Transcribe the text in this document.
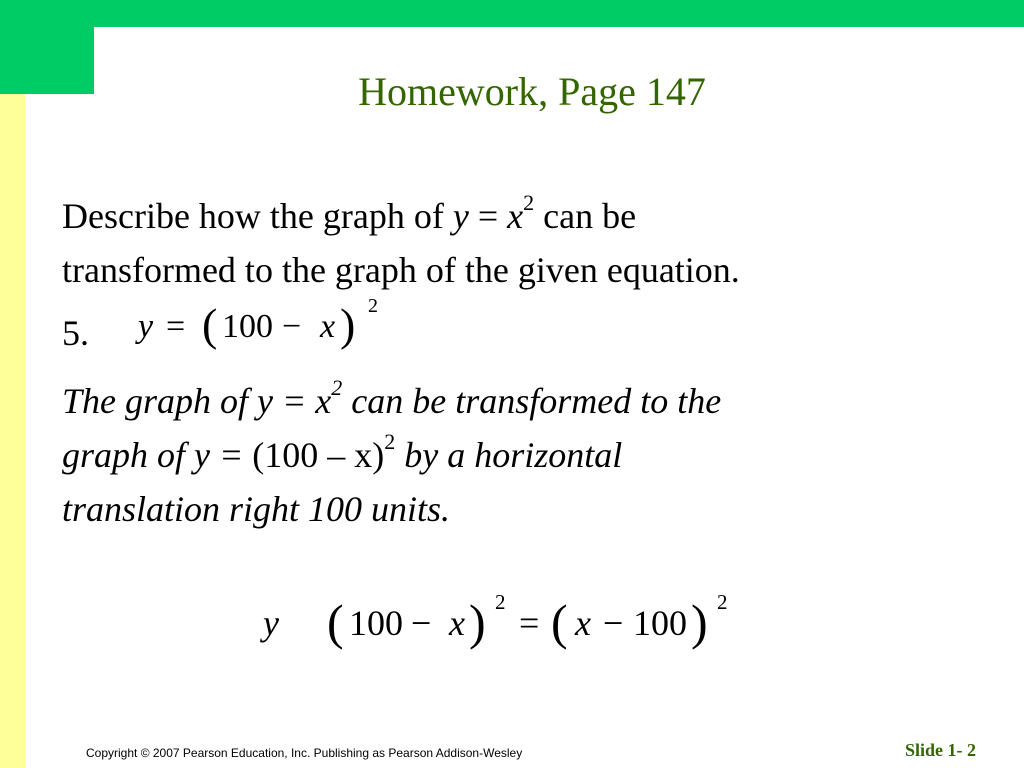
Homework, Page 147
Describe how the graph of $y = x^2$ can be
transformed to the graph of the given equation.
5. y = ( 100 − x ) 2
The graph of $y = x^2$ can be transformed to the
graph of y = (100 – x)$^2$ by a horizontal
translation right 100 units.
y ( 100 − x ) 2
= ( x − 100 ) 2
Copyright © 2007 Pearson Education, Inc. Publishing as Pearson Addison-Wesley	Slide 1- 2
